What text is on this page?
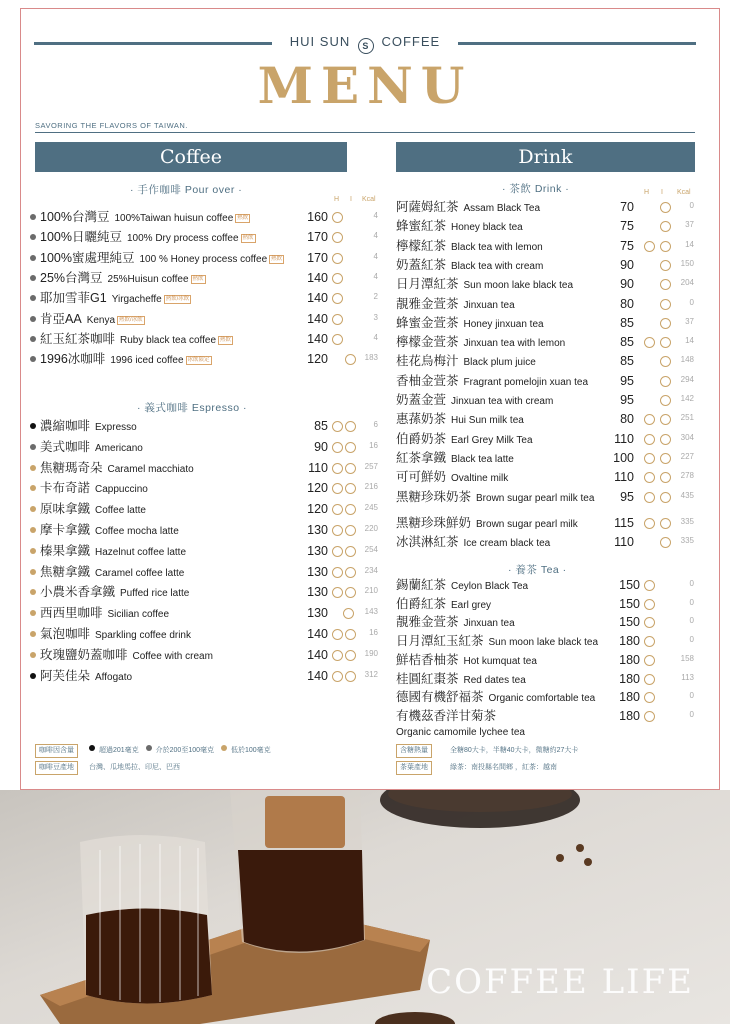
HUI SUN S COFFEE
MENU
SAVORING THE FLAVORS OF TAIWAN.
Coffee	Drink
· 手作咖啡 Pour over ·
H I Kcal
100%台灣豆 100%Taiwan huisun coffee 熱飲	160	4
100%日曬純豆 100% Dry process coffee 熱飲	170	4
100%蜜處理純豆 100 % Honey process coffee 熱飲	170	4
25%台灣豆 25%Huisun coffee 熱飲	140	4
耶加雪菲G1 Yirgacheffe 熱飲/冰飲	140	2
肯亞AA Kenya 熱飲/冰飲	140	3
紅玉紅茶咖啡 Ruby black tea coffee 熱飲	140	4
1996冰咖啡 1996 iced coffee 冰飲限定	120	183
· 義式咖啡 Espresso ·
濃縮咖啡 Expresso	85	6
美式咖啡 Americano	90	16
焦糖瑪奇朵 Caramel macchiato	110	257
卡布奇諾 Cappuccino	120	216
原味拿鐵 Coffee latte	120	245
摩卡拿鐵 Coffee mocha latte	130	220
榛果拿鐵 Hazelnut coffee latte	130	254
焦糖拿鐵 Caramel coffee latte	130	234
小農米香拿鐵 Puffed rice latte	130	210
西西里咖啡 Sicilian coffee	130	143
氣泡咖啡 Sparkling coffee drink	140	16
玫瑰鹽奶蓋咖啡 Coffee with cream	140	190
阿芙佳朵 Affogato	140	312
· 茶飲 Drink ·	H I Kcal
阿薩姆紅茶 Assam Black Tea	70	0
蜂蜜紅茶 Honey black tea	75	37
檸檬紅茶 Black tea with lemon	75	14
奶蓋紅茶 Black tea with cream	90	150
日月潭紅茶 Sun moon lake black tea	90	204
靚雅金萱茶 Jinxuan tea	80	0
蜂蜜金萱茶 Honey jinxuan tea	85	37
檸檬金萱茶 Jinxuan tea with lemon	85	14
桂花烏梅汁 Black plum juice	85	148
香柚金萱茶 Fragrant pomelojin xuan tea	95	294
奶蓋金萱 Jinxuan tea with cream	95	142
惠蓀奶茶 Hui Sun milk tea	80	251
伯爵奶茶 Earl Grey Milk Tea	110	304
紅茶拿鐵 Black tea latte	100	227
可可鮮奶 Ovaltine milk	110	278
黑糖珍珠奶茶 Brown sugar pearl milk tea	95	435
黑糖珍珠鮮奶 Brown sugar pearl milk	115	335
冰淇淋紅茶 Ice cream black tea	110	335
· 養茶 Tea ·
錫蘭紅茶 Ceylon Black Tea	150	0
伯爵紅茶 Earl grey	150	0
靚雅金萱茶 Jinxuan tea	150	0
日月潭紅玉紅茶 Sun moon lake black tea	180	0
鮮桔香柚茶 Hot kumquat tea	180	158
桂圓紅棗茶 Red dates tea	180	113
德國有機舒福茶 Organic comfortable tea	180	0
有機茲香洋甘菊茶
Organic camomile lychee tea
180	0
咖啡因含量	超過201毫克 介於200至100毫克 低於100毫克
咖啡豆產地	台灣、瓜地馬拉、印尼、巴西
含糖熱量	全糖80大卡，半糖40大卡，微糖約27大卡
茶葉產地	綠茶：南投縣名間鄉 ，紅茶：越南
COFFEE LIFE
